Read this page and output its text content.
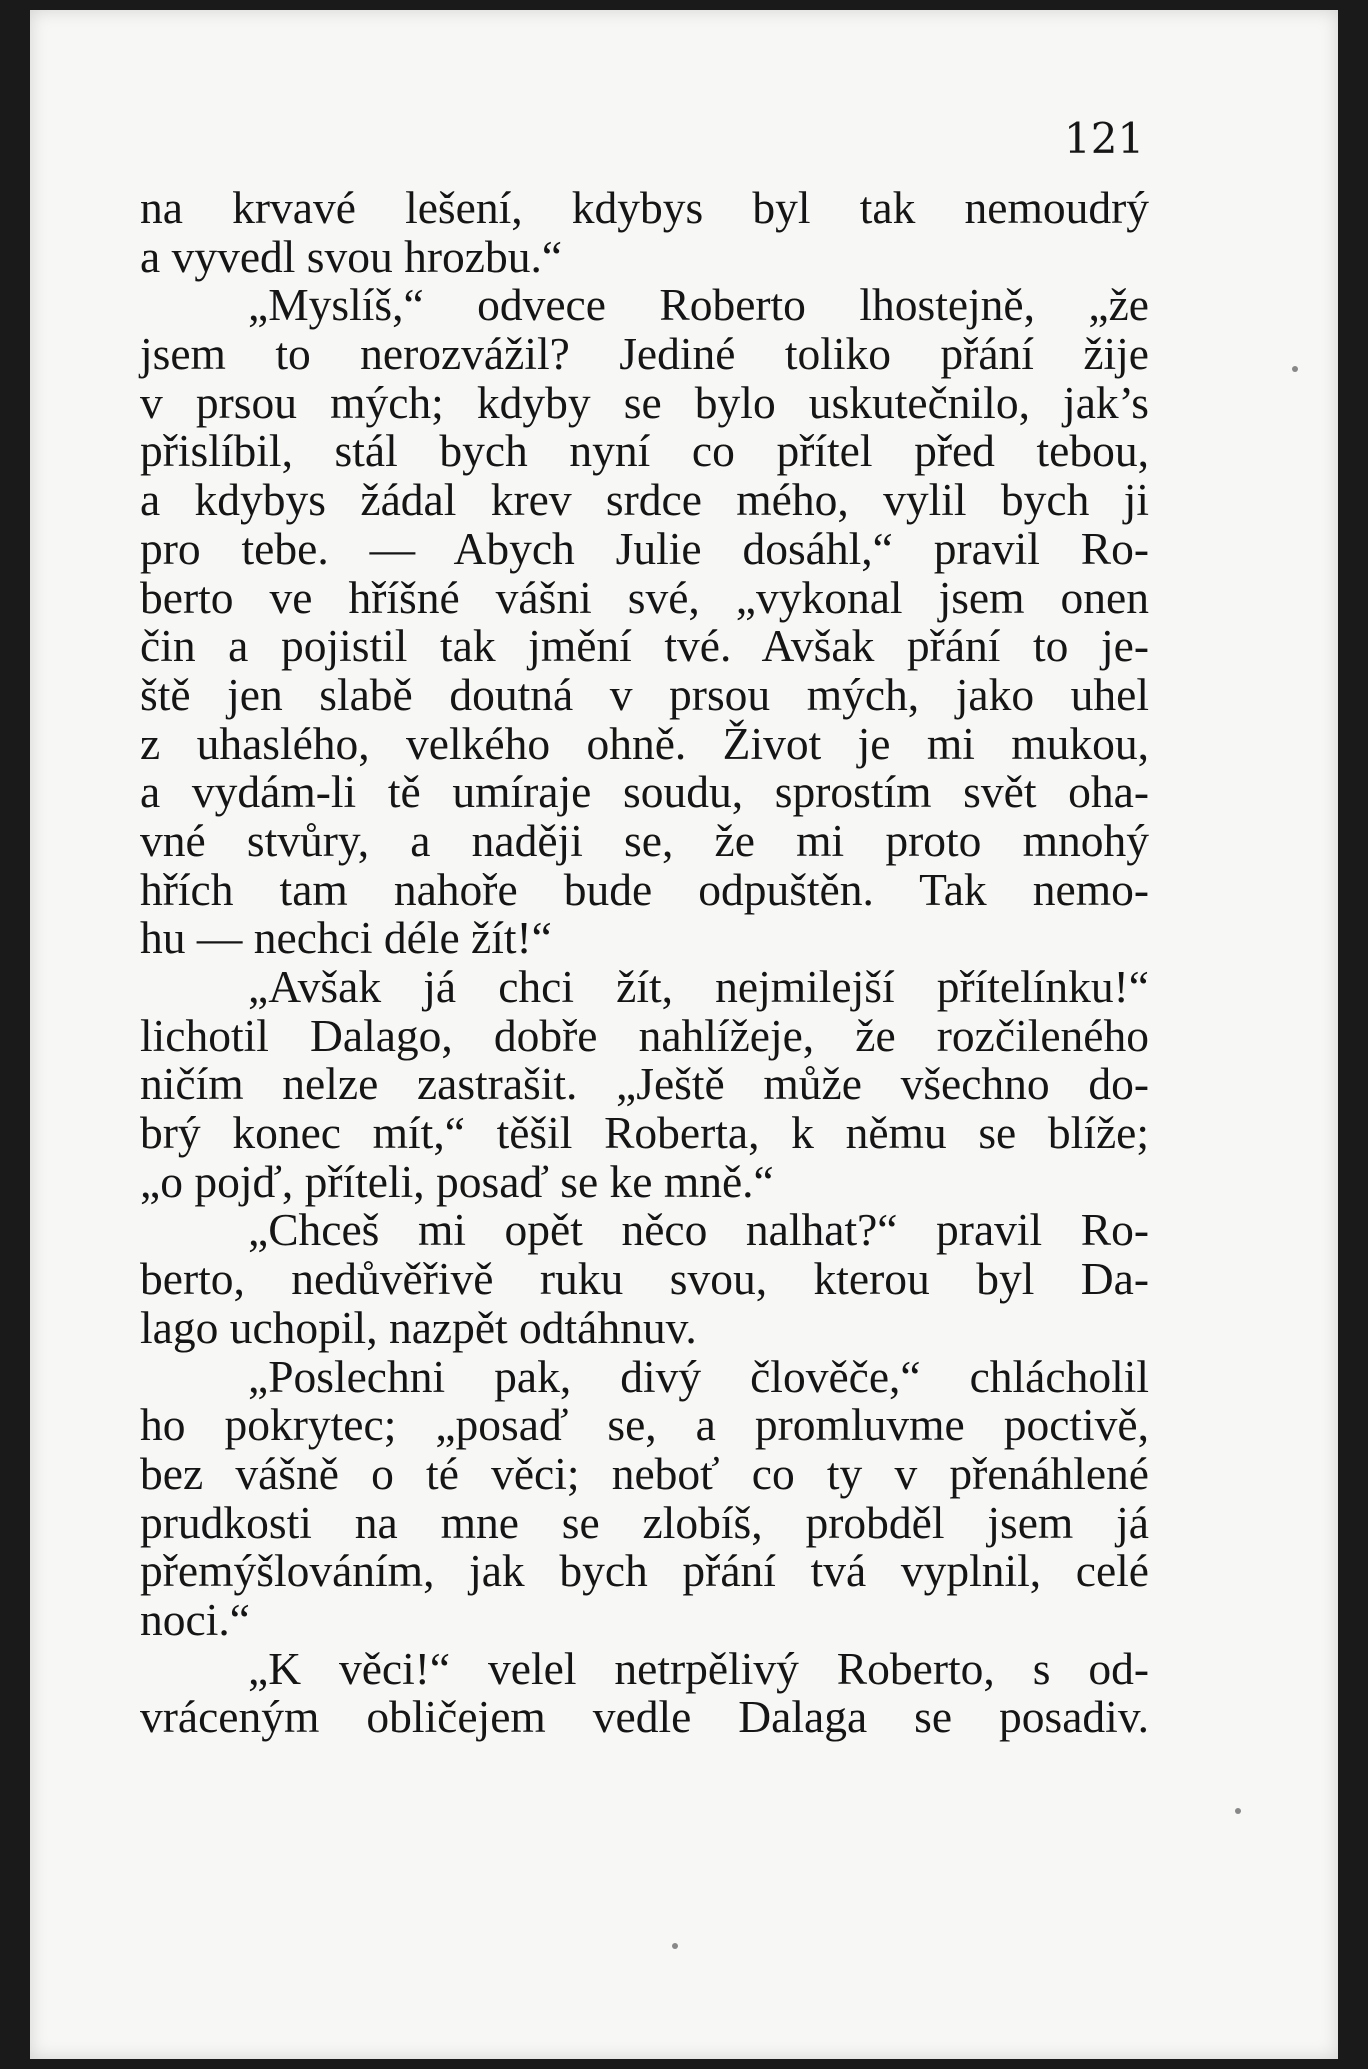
121
na krvavé lešení, kdybys byl tak nemoudrý
a vyvedl svou hrozbu.“
„Myslíš,“ odvece Roberto lhostejně, „že
jsem to nerozvážil? Jediné toliko přání žije
v prsou mých; kdyby se bylo uskutečnilo, jak’s
přislíbil, stál bych nyní co přítel před tebou,
a kdybys žádal krev srdce mého, vylil bych ji
pro tebe. — Abych Julie dosáhl,“ pravil Ro-
berto ve hříšné vášni své, „vykonal jsem onen
čin a pojistil tak jmění tvé. Avšak přání to je-
ště jen slabě doutná v prsou mých, jako uhel
z uhaslého, velkého ohně. Život je mi mukou,
a vydám-li tě umíraje soudu, sprostím svět oha-
vné stvůry, a naději se, že mi proto mnohý
hřích tam nahoře bude odpuštěn. Tak nemo-
hu — nechci déle žít!“
„Avšak já chci žít, nejmilejší přítelínku!“
lichotil Dalago, dobře nahlížeje, že rozčileného
ničím nelze zastrašit. „Ještě může všechno do-
brý konec mít,“ těšil Roberta, k němu se blíže;
„o pojď, příteli, posaď se ke mně.“
„Chceš mi opět něco nalhat?“ pravil Ro-
berto, nedůvěřivě ruku svou, kterou byl Da-
lago uchopil, nazpět odtáhnuv.
„Poslechni pak, divý člověče,“ chlácholil
ho pokrytec; „posaď se, a promluvme poctivě,
bez vášně o té věci; neboť co ty v přenáhlené
prudkosti na mne se zlobíš, probděl jsem já
přemýšlováním, jak bych přání tvá vyplnil, celé
noci.“
„K věci!“ velel netrpělivý Roberto, s od-
vráceným obličejem vedle Dalaga se posadiv.
